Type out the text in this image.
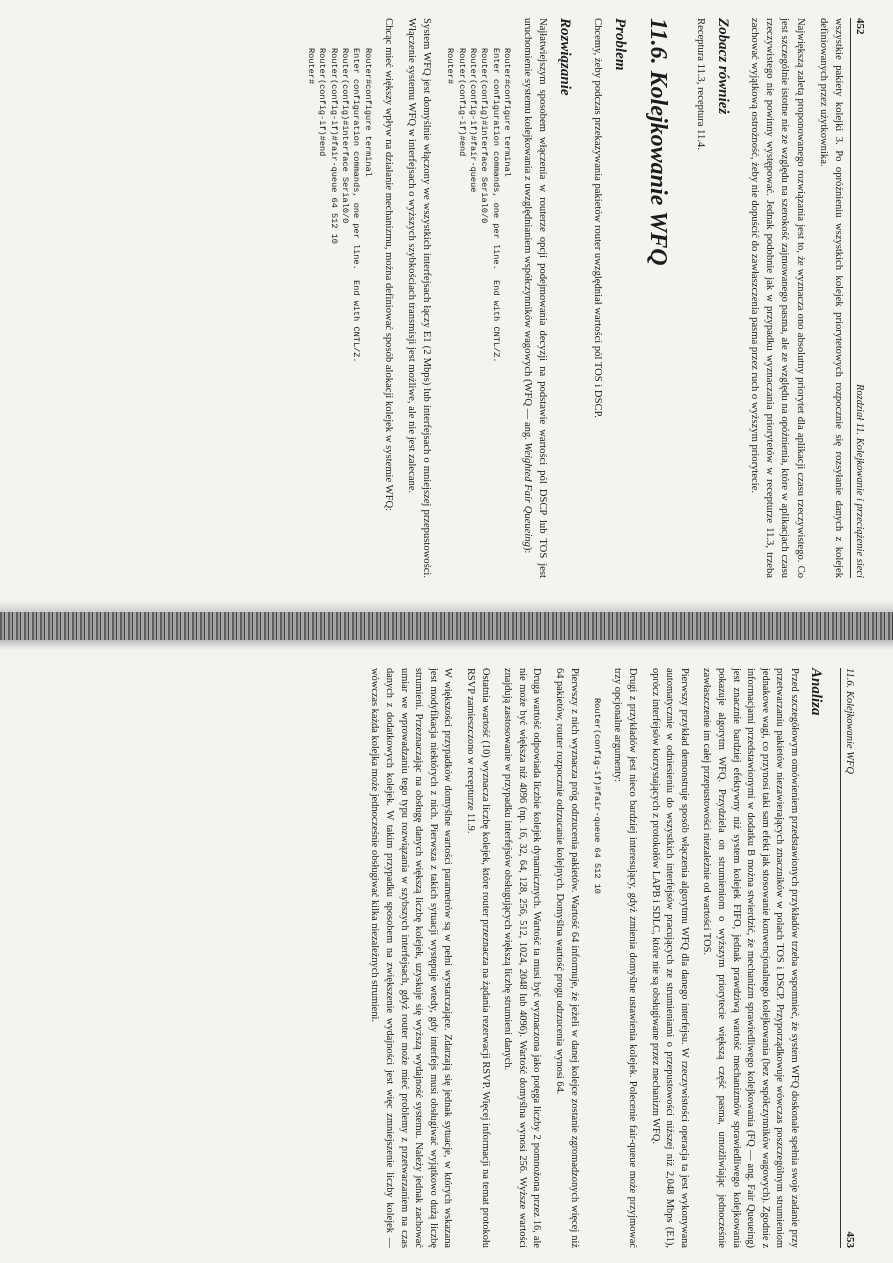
452
Rozdział 11. Kolejkowanie i przeciążenie sieci

wszystkie pakiety kolejki 3. Po opróżnieniu wszystkich kolejek priorytetowych rozpocznie się rozsyłanie danych z kolejek definiowanych przez użytkownika.

Największą zaletą proponowanego rozwiązania jest to, że wyznacza ono absolutny priorytet dla aplikacji czasu rzeczywistego. Co jest szczególnie istotne nie ze względu na szerokość zajmowanego pasma, ale ze względu na opóźnienia, które w aplikacjach czasu rzeczywistego nie powinny występować. Jednak podobnie jak w przypadku wyznaczania priorytetów w recepturze 11.3, trzeba zachować wyjątkową ostrożność, żeby nie dopuścić do zawłaszczenia pasma przez ruch o wyższym priorytecie.

Zobacz również

Receptura 11.3, receptura 11.4.

11.6. Kolejkowanie WFQ
Problem

Chcemy, żeby podczas przekazywania pakietów router uwzględniał wartości pól TOS i DSCP.

Rozwiązanie

Najłatwiejszym sposobem włączenia w routerze opcji podejmowania decyzji na podstawie wartości pól DSCP lub TOS jest uruchomienie systemu kolejkowania z uwzględnianiem współczynników wagowych (WFQ — ang. Weighted Fair Queueing):

Router#configure terminal
Enter configuration commands, one per line.  End with CNTL/Z.
Router(config)#interface Serial0/0
Router(config-if)#fair-queue
Router(config-if)#end
Router#

System WFQ jest domyślnie włączony we wszystkich interfejsach łączy E1 (2 Mbps) lub interfejsach o mniejszej przepustowości. Włączenie systemu WFQ w interfejsach o wyższych szybkościach transmisji jest możliwe, ale nie jest zalecane.

Chcąc mieć większy wpływ na działanie mechanizmu, można definiować sposób alokacji kolejek w systemie WFQ:

Router#configure terminal
Enter configuration commands, one per line.  End with CNTL/Z.
Router(config)#interface Serial0/0
Router(config-if)#fair-queue 64 512 10
Router(config-if)#end
Router#
11.6. Kolejkowanie WFQ
453
Analiza

Przed szczegółowym omówieniem przedstawionych przykładów trzeba wspomnieć, że system WFQ doskonale spełnia swoje zadanie przy przetwarzaniu pakietów niezawierających znaczników w polach TOS i DSCP. Przyporządkowuje wówczas poszczególnym strumieniom jednakowe wagi, co przynosi taki sam efekt jak stosowanie konwencjonalnego kolejkowania (bez współczynników wagowych). Zgodnie z informacjami przedstawionymi w dodatku B można stwierdzić, że mechanizm sprawiedliwego kolejkowania (FQ — ang. Fair Queueing) jest znacznie bardziej efektywny niż system kolejek FIFO, jednak prawdziwą wartość mechanizmów sprawiedliwego kolejkowania pokazuje algorytm WFQ. Przydziela on strumieniom o wyższym priorytecie większą część pasma, umożliwiając jednocześnie zawłaszczenie im całej przepustowości niezależnie od wartości TOS.

Pierwszy przykład demonstruje sposób włączenia algorytmu WFQ dla danego interfejsu. W rzeczywistości operacja ta jest wykonywana automatycznie w odniesieniu do wszystkich interfejsów pracujących ze strumieniami o przepustowości niższej niż 2,048 Mbps (E1), oprócz interfejsów korzystających z protokołów LAPB i SDLC, które nie są obsługiwane przez mechanizm WFQ.

Drugi z przykładów jest nieco bardziej interesujący, gdyż zmienia domyślne ustawienia kolejek. Polecenie fair-queue może przyjmować trzy opcjonalne argumenty:

Router(config-if)#fair-queue 64 512 10

Pierwszy z nich wyznacza próg odrzucenia pakietów. Wartość 64 informuje, że jeżeli w danej kolejce zostanie zgromadzonych więcej niż 64 pakietów, router rozpocznie odrzucanie kolejnych. Domyślna wartość progu odrzucenia wynosi 64.

Druga wartość odpowiada liczbie kolejek dynamicznych. Wartość ta musi być wyznaczona jako potęga liczby 2 pomnożona przez 16, ale nie może być większa niż 4096 (np. 16, 32, 64, 128, 256, 512, 1024, 2048 lub 4096). Wartość domyślna wynosi 256. Wyższe wartości znajdują zastosowanie w przypadku interfejsów obsługujących większą liczbę strumieni danych.

Ostatnia wartość (10) wyznacza liczbę kolejek, które router przeznacza na żądania rezerwacji RSVP. Więcej informacji na temat protokołu RSVP zamieszczono w recepturze 11.9.

W większości przypadków domyślne wartości parametrów są w pełni wystarczające. Zdarzają się jednak sytuacje, w których wskazana jest modyfikacja niektórych z nich. Pierwsza z takich sytuacji występuje wtedy, gdy interfejs musi obsługiwać wyjątkowo dużą liczbę strumieni. Przeznaczając na obsługę danych większą liczbę kolejek, uzyskuje się wyższą wydajność systemu. Należy jednak zachować umiar we wprowadzaniu tego typu rozwiązania w szybszych interfejsach, gdyż router może mieć problemy z przetwarzaniem na czas danych z dodatkowych kolejek. W takim przypadku sposobem na zwiększenie wydajności jest więc zmniejszenie liczby kolejek — wówczas każda kolejka może jednocześnie obsługiwać kilka niezależnych strumieni.
